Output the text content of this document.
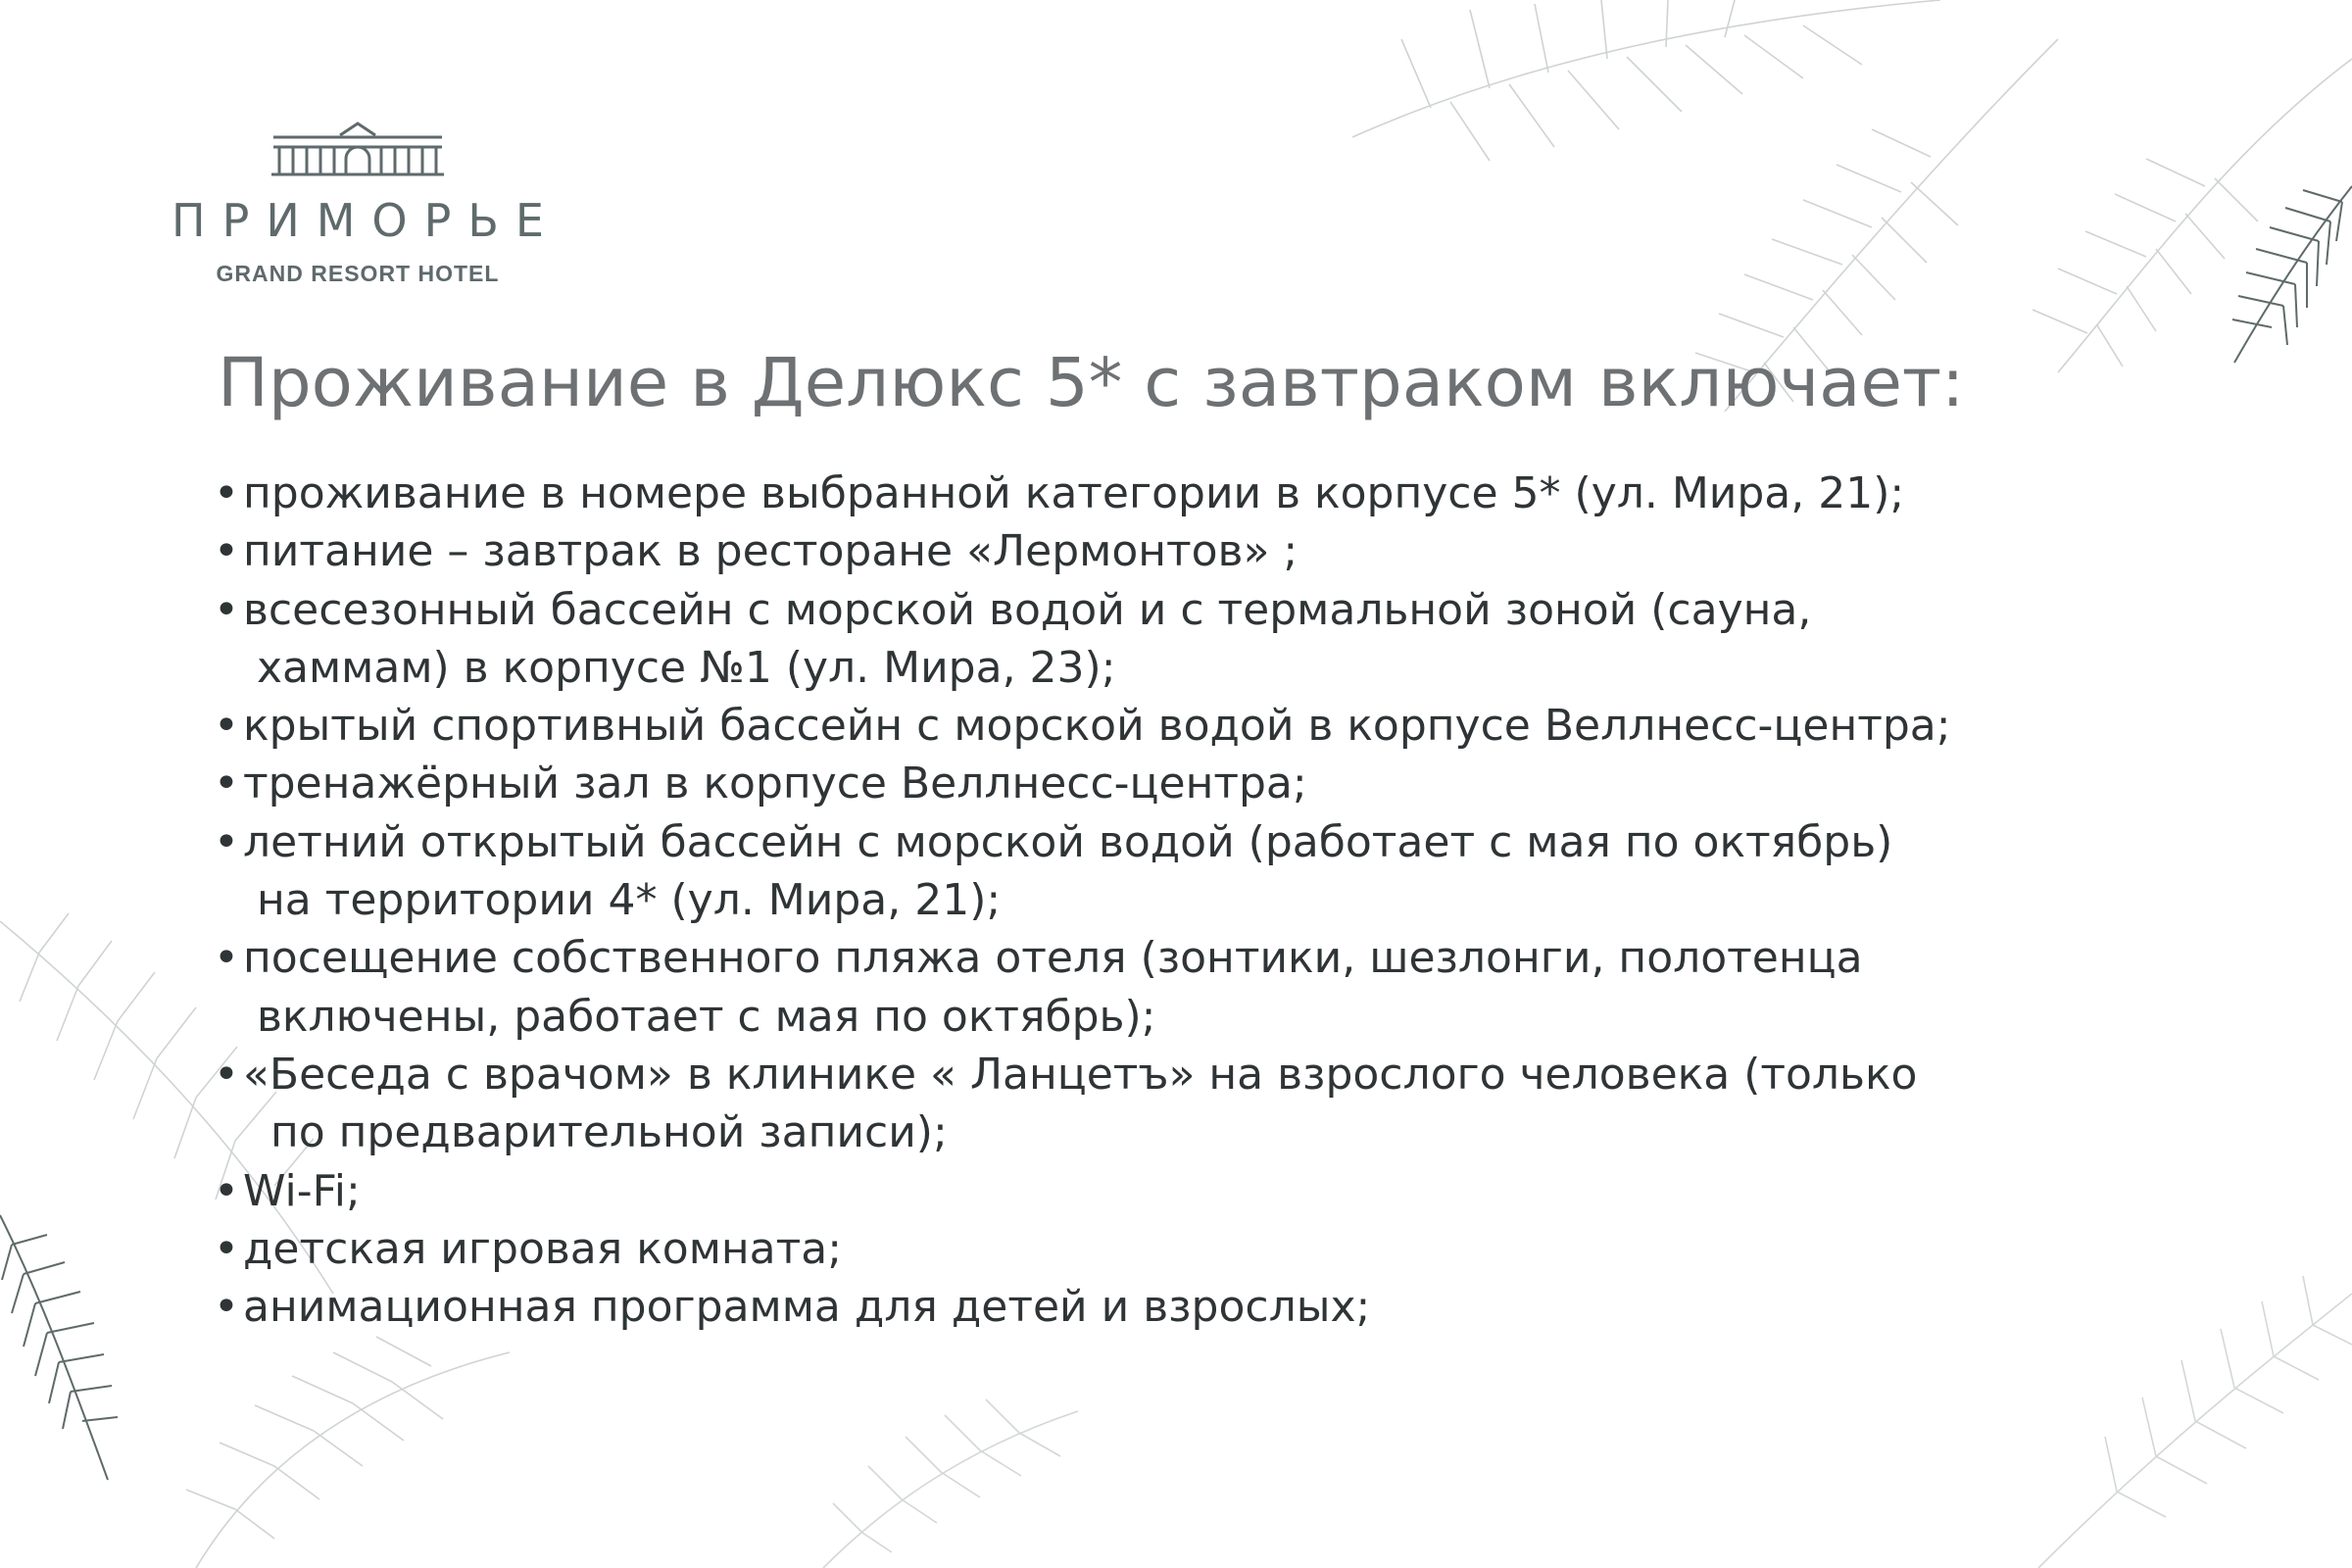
ПРИМОРЬЕ
GRAND RESORT HOTEL
Проживание в Делюкс 5* с завтраком включает:
• проживание в номере выбранной категории в корпусе 5* (ул. Мира, 21);
• питание – завтрак в ресторане «Лермонтов» ;
• всесезонный бассейн с морской водой и с термальной зоной (сауна,
хаммам) в корпусе №1 (ул. Мира, 23);
• крытый спортивный бассейн с морской водой в корпусе Веллнесс-центра;
• тренажёрный зал в корпусе Веллнесс-центра;
• летний открытый бассейн с морской водой (работает с мая по октябрь)
на территории 4* (ул. Мира, 21);
• посещение собственного пляжа отеля (зонтики, шезлонги, полотенца
включены, работает с мая по октябрь);
• «Беседа с врачом» в клинике « Ланцетъ» на взрослого человека (только
по предварительной записи);
• Wi-Fi;
• детская игровая комната;
• анимационная программа для детей и взрослых;
